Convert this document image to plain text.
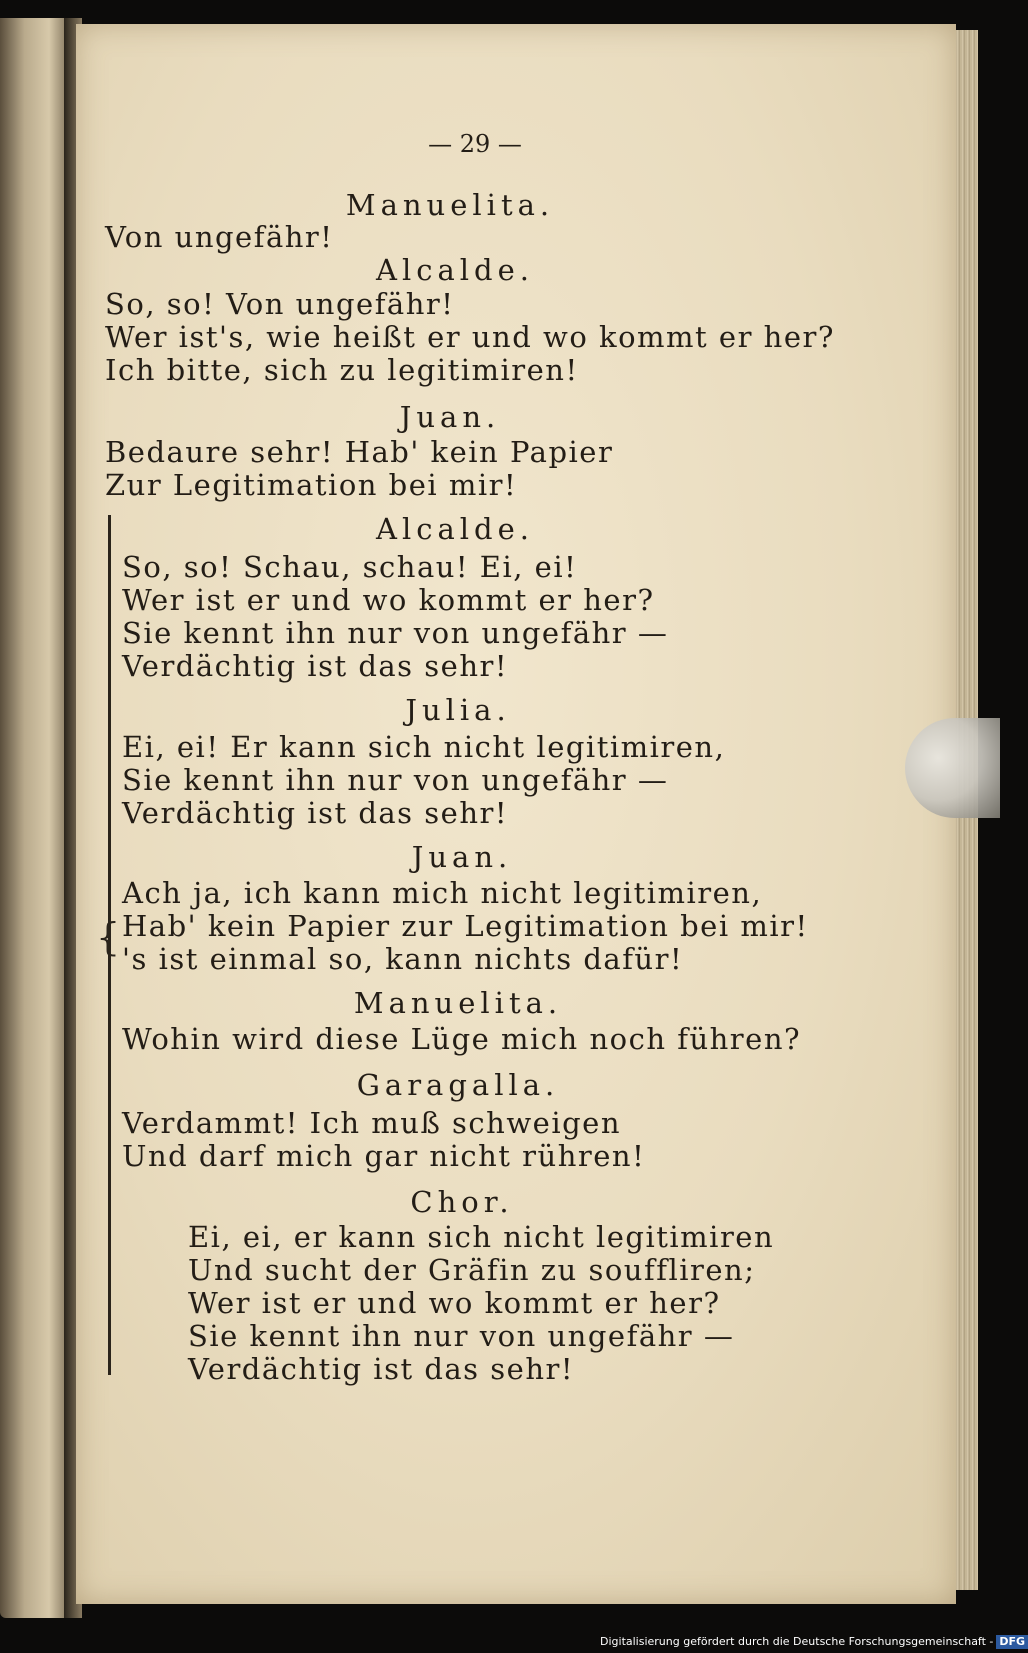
— 29 —
Manuelita.
Von ungefähr!
Alcalde.
So, so! Von ungefähr!
Wer ist's, wie heißt er und wo kommt er her?
Ich bitte, sich zu legitimiren!
Juan.
Bedaure sehr! Hab' kein Papier
Zur Legitimation bei mir!
{
Alcalde.
So, so! Schau, schau! Ei, ei!
Wer ist er und wo kommt er her?
Sie kennt ihn nur von ungefähr —
Verdächtig ist das sehr!
Julia.
Ei, ei! Er kann sich nicht legitimiren,
Sie kennt ihn nur von ungefähr —
Verdächtig ist das sehr!
Juan.
Ach ja, ich kann mich nicht legitimiren,
Hab' kein Papier zur Legitimation bei mir!
's ist einmal so, kann nichts dafür!
Manuelita.
Wohin wird diese Lüge mich noch führen?
Garagalla.
Verdammt! Ich muß schweigen
Und darf mich gar nicht rühren!
Chor.
Ei, ei, er kann sich nicht legitimiren
Und sucht der Gräfin zu souffliren;
Wer ist er und wo kommt er her?
Sie kennt ihn nur von ungefähr —
Verdächtig ist das sehr!
Digitalisierung gefördert durch die Deutsche Forschungsgemeinschaft - DFG
